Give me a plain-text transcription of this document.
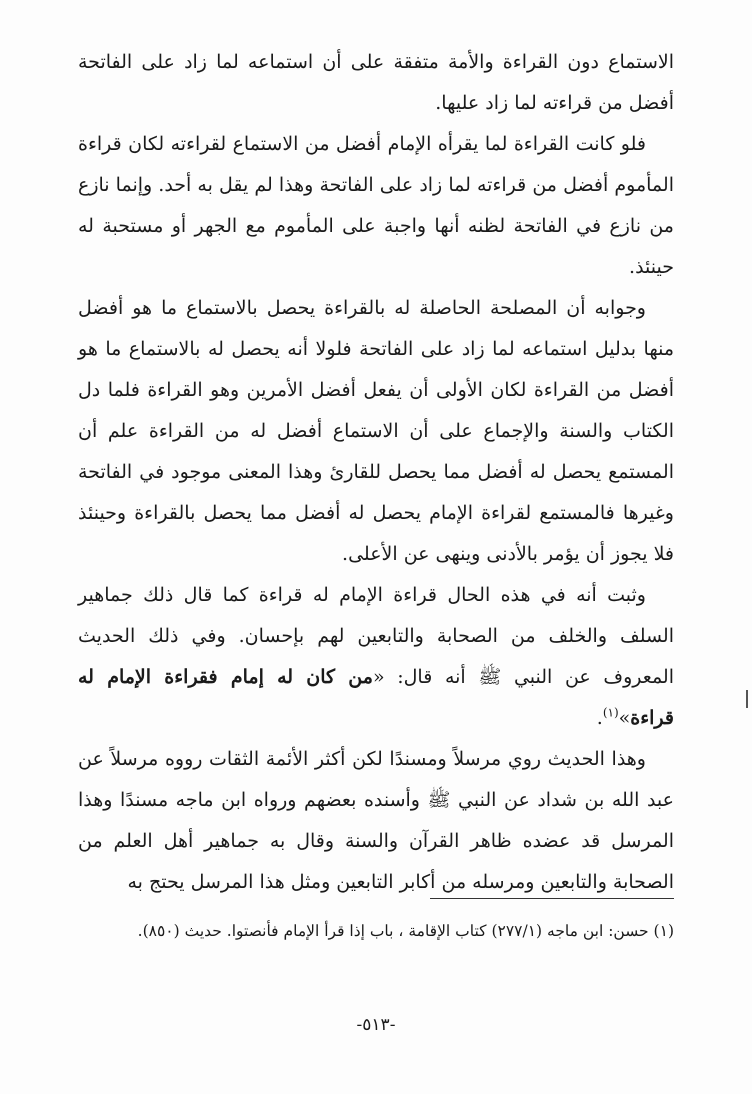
الاستماع دون القراءة والأمة متفقة على أن استماعه لما زاد على الفاتحة أفضل من قراءته لما زاد عليها.

فلو كانت القراءة لما يقرأه الإمام أفضل من الاستماع لقراءته لكان قراءة المأموم أفضل من قراءته لما زاد على الفاتحة وهذا لم يقل به أحد. وإنما نازع من نازع في الفاتحة لظنه أنها واجبة على المأموم مع الجهر أو مستحبة له حينئذ.

وجوابه أن المصلحة الحاصلة له بالقراءة يحصل بالاستماع ما هو أفضل منها بدليل استماعه لما زاد على الفاتحة فلولا أنه يحصل له بالاستماع ما هو أفضل من القراءة لكان الأولى أن يفعل أفضل الأمرين وهو القراءة فلما دل الكتاب والسنة والإجماع على أن الاستماع أفضل له من القراءة علم أن المستمع يحصل له أفضل مما يحصل للقارئ وهذا المعنى موجود في الفاتحة وغيرها فالمستمع لقراءة الإمام يحصل له أفضل مما يحصل بالقراءة وحينئذ فلا يجوز أن يؤمر بالأدنى وينهى عن الأعلى.

وثبت أنه في هذه الحال قراءة الإمام له قراءة كما قال ذلك جماهير السلف والخلف من الصحابة والتابعين لهم بإحسان. وفي ذلك الحديث المعروف عن النبي ﷺ أنه قال: «من كان له إمام فقراءة الإمام له قراءة»$^{(١)}$.

وهذا الحديث روي مرسلاً ومسندًا لكن أكثر الأئمة الثقات رووه مرسلاً عن عبد الله بن شداد عن النبي ﷺ وأسنده بعضهم ورواه ابن ماجه مسندًا وهذا المرسل قد عضده ظاهر القرآن والسنة وقال به جماهير أهل العلم من الصحابة والتابعين ومرسله من أكابر التابعين ومثل هذا المرسل يحتج به

(١) حسن: ابن ماجه (٢٧٧/١) كتاب الإقامة ، باب إذا قرأ الإمام فأنصتوا. حديث (٨٥٠).
-٥١٣-
